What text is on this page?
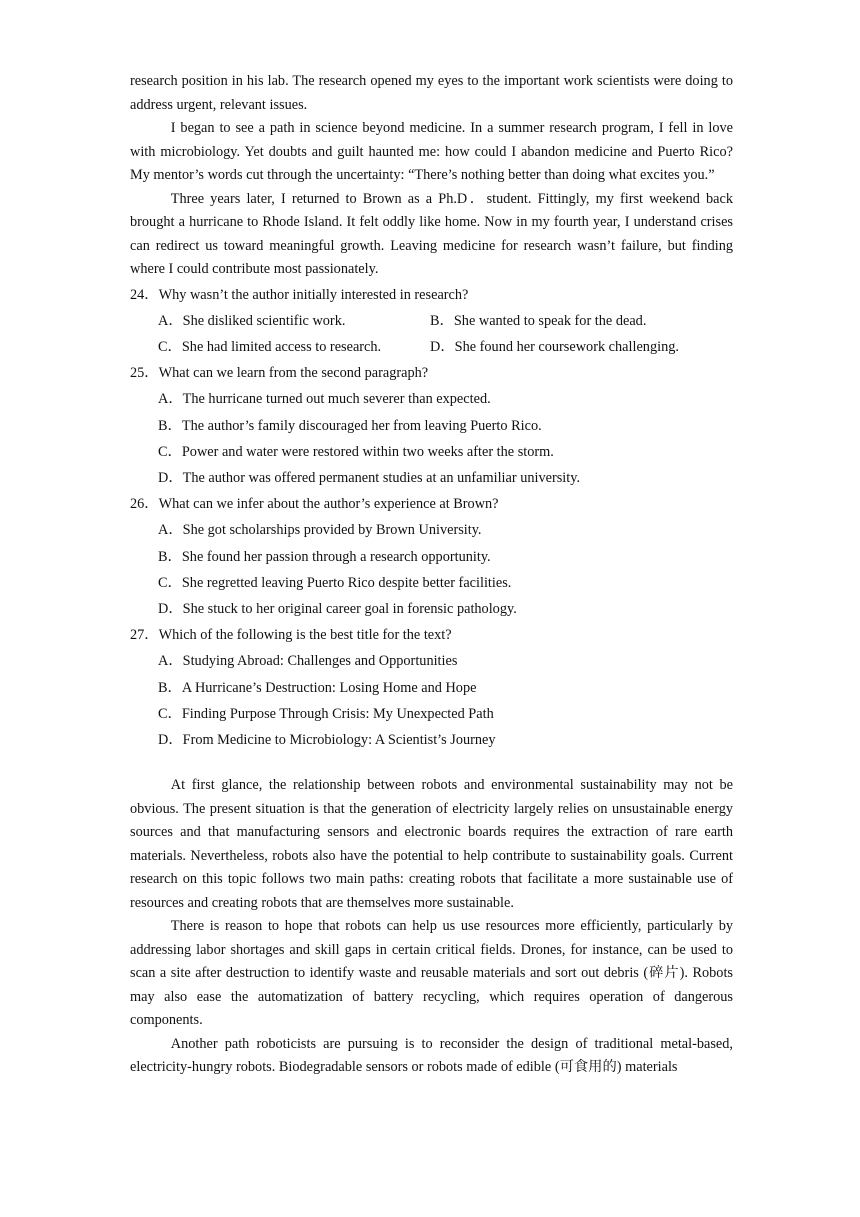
research position in his lab. The research opened my eyes to the important work scientists were doing to address urgent, relevant issues.

I began to see a path in science beyond medicine. In a summer research program, I fell in love with microbiology. Yet doubts and guilt haunted me: how could I abandon medicine and Puerto Rico? My mentor’s words cut through the uncertainty: “There’s nothing better than doing what excites you.”

Three years later, I returned to Brown as a Ph.D．student. Fittingly, my first weekend back brought a hurricane to Rhode Island. It felt oddly like home. Now in my fourth year, I understand crises can redirect us toward meaningful growth. Leaving medicine for research wasn’t failure, but finding where I could contribute most passionately.

24．Why wasn’t the author initially interested in research?
A．She disliked scientific work.	B．She wanted to speak for the dead.
C．She had limited access to research.	D．She found her coursework challenging.
25．What can we learn from the second paragraph?
A．The hurricane turned out much severer than expected.
B．The author’s family discouraged her from leaving Puerto Rico.
C．Power and water were restored within two weeks after the storm.
D．The author was offered permanent studies at an unfamiliar university.
26．What can we infer about the author’s experience at Brown?
A．She got scholarships provided by Brown University.
B．She found her passion through a research opportunity.
C．She regretted leaving Puerto Rico despite better facilities.
D．She stuck to her original career goal in forensic pathology.
27．Which of the following is the best title for the text?
A．Studying Abroad: Challenges and Opportunities
B．A Hurricane’s Destruction: Losing Home and Hope
C．Finding Purpose Through Crisis: My Unexpected Path
D．From Medicine to Microbiology: A Scientist’s Journey

At first glance, the relationship between robots and environmental sustainability may not be obvious. The present situation is that the generation of electricity largely relies on unsustainable energy sources and that manufacturing sensors and electronic boards requires the extraction of rare earth materials. Nevertheless, robots also have the potential to help contribute to sustainability goals. Current research on this topic follows two main paths: creating robots that facilitate a more sustainable use of resources and creating robots that are themselves more sustainable.

There is reason to hope that robots can help us use resources more efficiently, particularly by addressing labor shortages and skill gaps in certain critical fields. Drones, for instance, can be used to scan a site after destruction to identify waste and reusable materials and sort out debris (碎片). Robots may also ease the automatization of battery recycling, which requires operation of dangerous components.

Another path roboticists are pursuing is to reconsider the design of traditional metal-based, electricity-hungry robots. Biodegradable sensors or robots made of edible (可食用的) materials
